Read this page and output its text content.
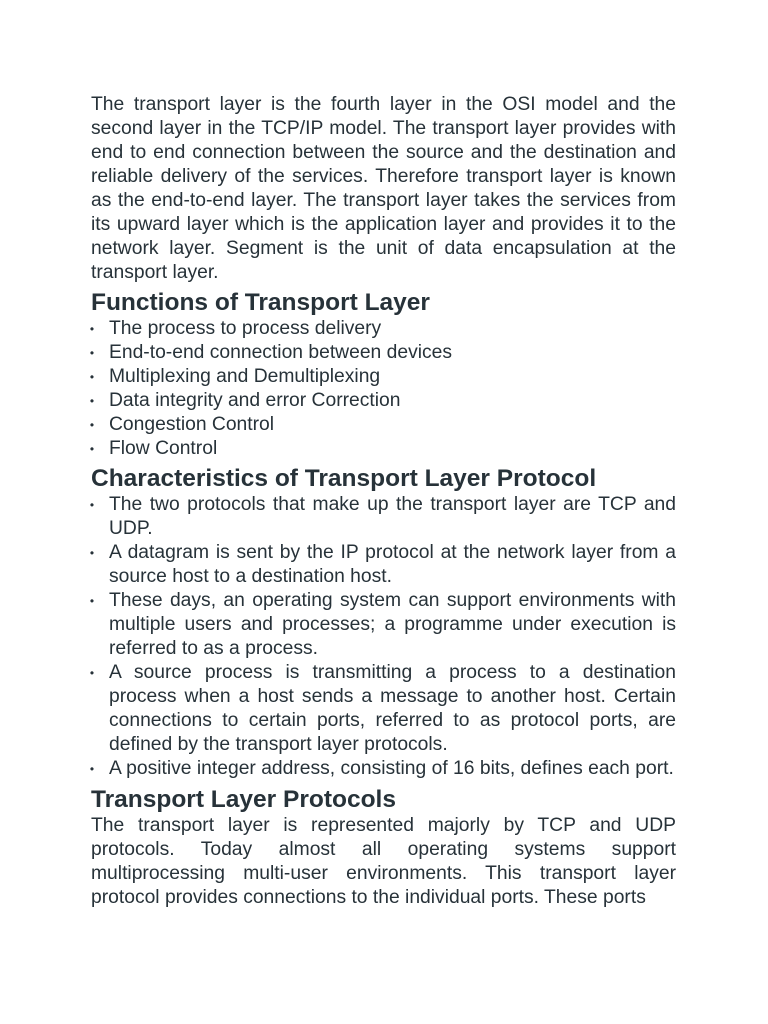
The transport layer is the fourth layer in the OSI model and the second layer in the TCP/IP model. The transport layer provides with end to end connection between the source and the destination and reliable delivery of the services. Therefore transport layer is known as the end-to-end layer. The transport layer takes the services from its upward layer which is the application layer and provides it to the network layer. Segment is the unit of data encapsulation at the transport layer.

Functions of Transport Layer
• The process to process delivery
• End-to-end connection between devices
• Multiplexing and Demultiplexing
• Data integrity and error Correction
• Congestion Control
• Flow Control
Characteristics of Transport Layer Protocol
• The two protocols that make up the transport layer are TCP and UDP.
• A datagram is sent by the IP protocol at the network layer from a source host to a destination host.
• These days, an operating system can support environments with multiple users and processes; a programme under execution is referred to as a process.
• A source process is transmitting a process to a destination process when a host sends a message to another host. Certain connections to certain ports, referred to as protocol ports, are defined by the transport layer protocols.
• A positive integer address, consisting of 16 bits, defines each port.
Transport Layer Protocols

The transport layer is represented majorly by TCP and UDP protocols. Today almost all operating systems support multiprocessing multi-user environments. This transport layer protocol provides connections to the individual ports. These ports
